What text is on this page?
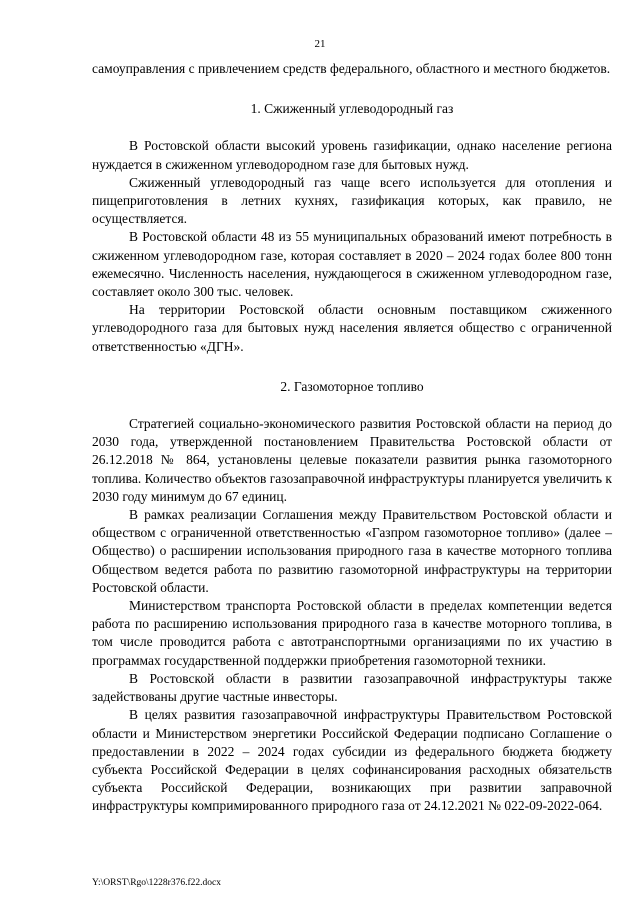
21

самоуправления с привлечением средств федерального, областного и местного бюджетов.

1. Сжиженный углеводородный газ

В Ростовской области высокий уровень газификации, однако население региона нуждается в сжиженном углеводородном газе для бытовых нужд.

Сжиженный углеводородный газ чаще всего используется для отопления и пищеприготовления в летних кухнях, газификация которых, как правило, не осуществляется.

В Ростовской области 48 из 55 муниципальных образований имеют потребность в сжиженном углеводородном газе, которая составляет в 2020 – 2024 годах более 800 тонн ежемесячно. Численность населения, нуждающегося в сжиженном углеводородном газе, составляет около 300 тыс. человек.

На территории Ростовской области основным поставщиком сжиженного углеводородного газа для бытовых нужд населения является общество с ограниченной ответственностью «ДГН».

2. Газомоторное топливо

Стратегией социально-экономического развития Ростовской области на период до 2030 года, утвержденной постановлением Правительства Ростовской области от 26.12.2018 № 864, установлены целевые показатели развития рынка газомоторного топлива. Количество объектов газозаправочной инфраструктуры планируется увеличить к 2030 году минимум до 67 единиц.

В рамках реализации Соглашения между Правительством Ростовской области и обществом с ограниченной ответственностью «Газпром газомоторное топливо» (далее – Общество) о расширении использования природного газа в качестве моторного топлива Обществом ведется работа по развитию газомоторной инфраструктуры на территории Ростовской области.

Министерством транспорта Ростовской области в пределах компетенции ведется работа по расширению использования природного газа в качестве моторного топлива, в том числе проводится работа с автотранспортными организациями по их участию в программах государственной поддержки приобретения газомоторной техники.

В Ростовской области в развитии газозаправочной инфраструктуры также задействованы другие частные инвесторы.

В целях развития газозаправочной инфраструктуры Правительством Ростовской области и Министерством энергетики Российской Федерации подписано Соглашение о предоставлении в 2022 – 2024 годах субсидии из федерального бюджета бюджету субъекта Российской Федерации в целях софинансирования расходных обязательств субъекта Российской Федерации, возникающих при развитии заправочной инфраструктуры компримированного природного газа от 24.12.2021 № 022-09-2022-064.

Y:\ORST\Rgo\1228r376.f22.docx
